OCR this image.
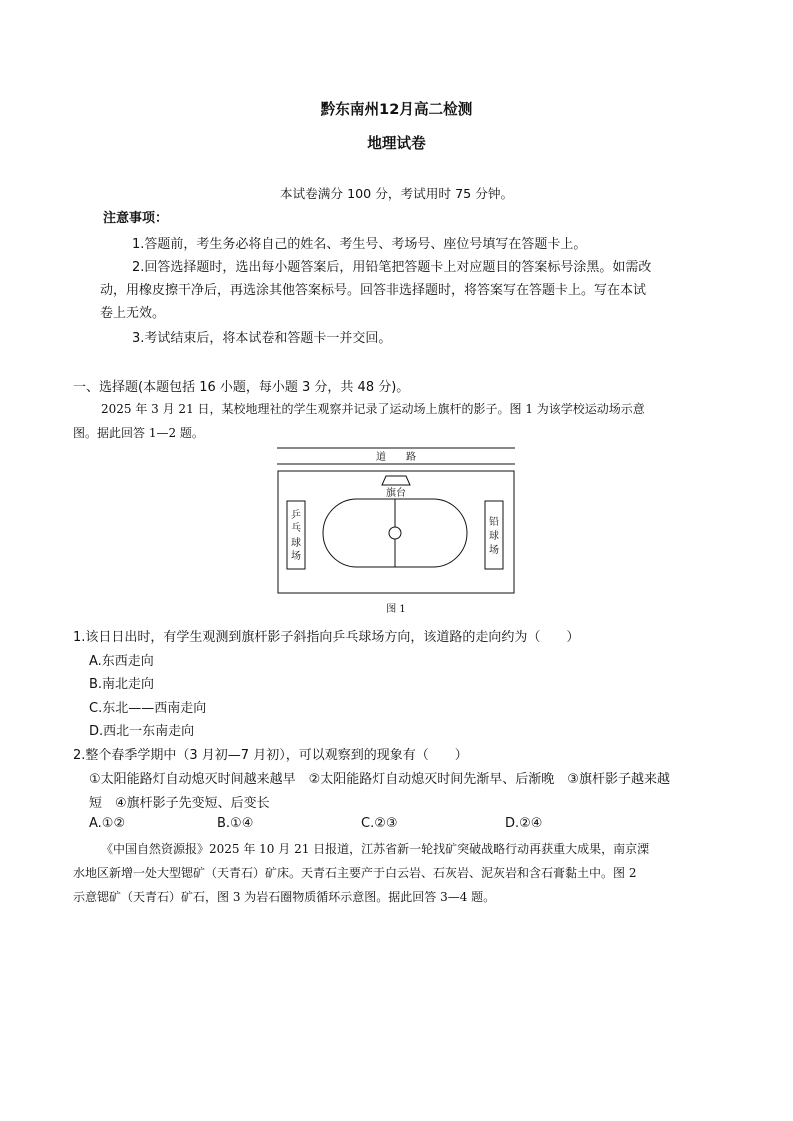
黔东南州12月高二检测
地理试卷
本试卷满分 100 分，考试用时 75 分钟。
注意事项：
1.答题前，考生务必将自己的姓名、考生号、考场号、座位号填写在答题卡上。
2.回答选择题时，选出每小题答案后，用铅笔把答题卡上对应题目的答案标号涂黑。如需改
动，用橡皮擦干净后，再选涂其他答案标号。回答非选择题时，将答案写在答题卡上。写在本试
卷上无效。
3.考试结束后，将本试卷和答题卡一并交回。
一、选择题(本题包括 16 小题，每小题 3 分，共 48 分)。
2025 年 3 月 21 日，某校地理社的学生观察并记录了运动场上旗杆的影子。图 1 为该学校运动场示意
图。据此回答 1—2 题。
道　　路
旗台
乒
乓
球
场
铅
球
场
图 1
1.该日日出时，有学生观测到旗杆影子斜指向乒乓球场方向，该道路的走向约为（　　）
A.东西走向
B.南北走向
C.东北——西南走向
D.西北一东南走向
2.整个春季学期中（3 月初—7 月初），可以观察到的现象有（　　）
①太阳能路灯自动熄灭时间越来越早　②太阳能路灯自动熄灭时间先渐早、后渐晚　③旗杆影子越来越
短　④旗杆影子先变短、后变长
A.①②	B.①④	C.②③	D.②④
《中国自然资源报》2025 年 10 月 21 日报道，江苏省新一轮找矿突破战略行动再获重大成果，南京溧
水地区新增一处大型锶矿（天青石）矿床。天青石主要产于白云岩、石灰岩、泥灰岩和含石膏黏土中。图 2
示意锶矿（天青石）矿石，图 3 为岩石圈物质循环示意图。据此回答 3—4 题。
